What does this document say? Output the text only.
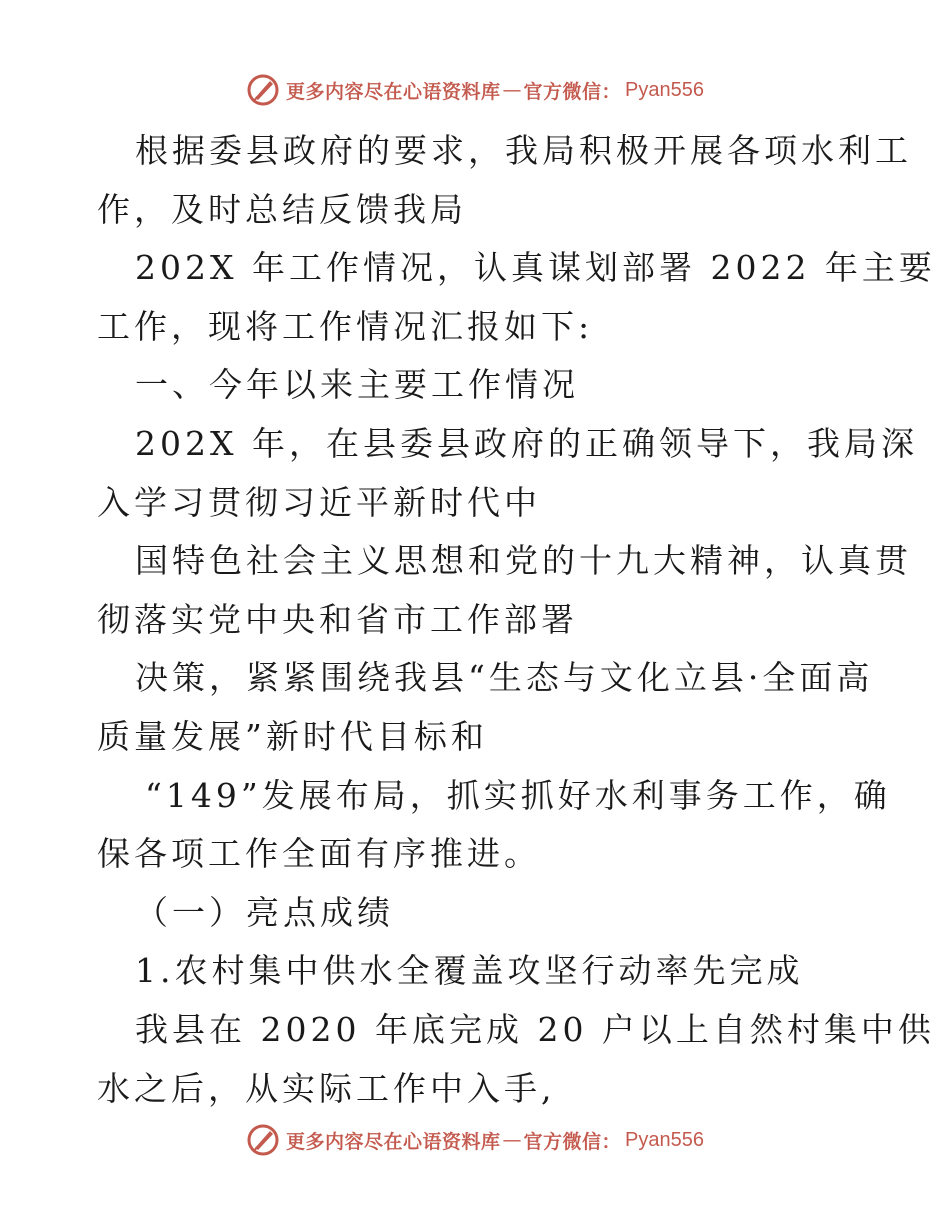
更多内容尽在心语资料库 — 官方微信： Pyan556
根据委县政府的要求，我局积极开展各项水利工
作，及时总结反馈我局
202X 年工作情况，认真谋划部署 2022 年主要
工作，现将工作情况汇报如下:
一、今年以来主要工作情况
202X 年，在县委县政府的正确领导下，我局深
入学习贯彻习近平新时代中
国特色社会主义思想和党的十九大精神，认真贯
彻落实党中央和省市工作部署
决策，紧紧围绕我县“生态与文化立县·全面高
质量发展”新时代目标和
“149”发展布局，抓实抓好水利事务工作，确
保各项工作全面有序推进。
（一）亮点成绩
1.农村集中供水全覆盖攻坚行动率先完成
我县在 2020 年底完成 20 户以上自然村集中供
水之后，从实际工作中入手,
更多内容尽在心语资料库 — 官方微信： Pyan556
